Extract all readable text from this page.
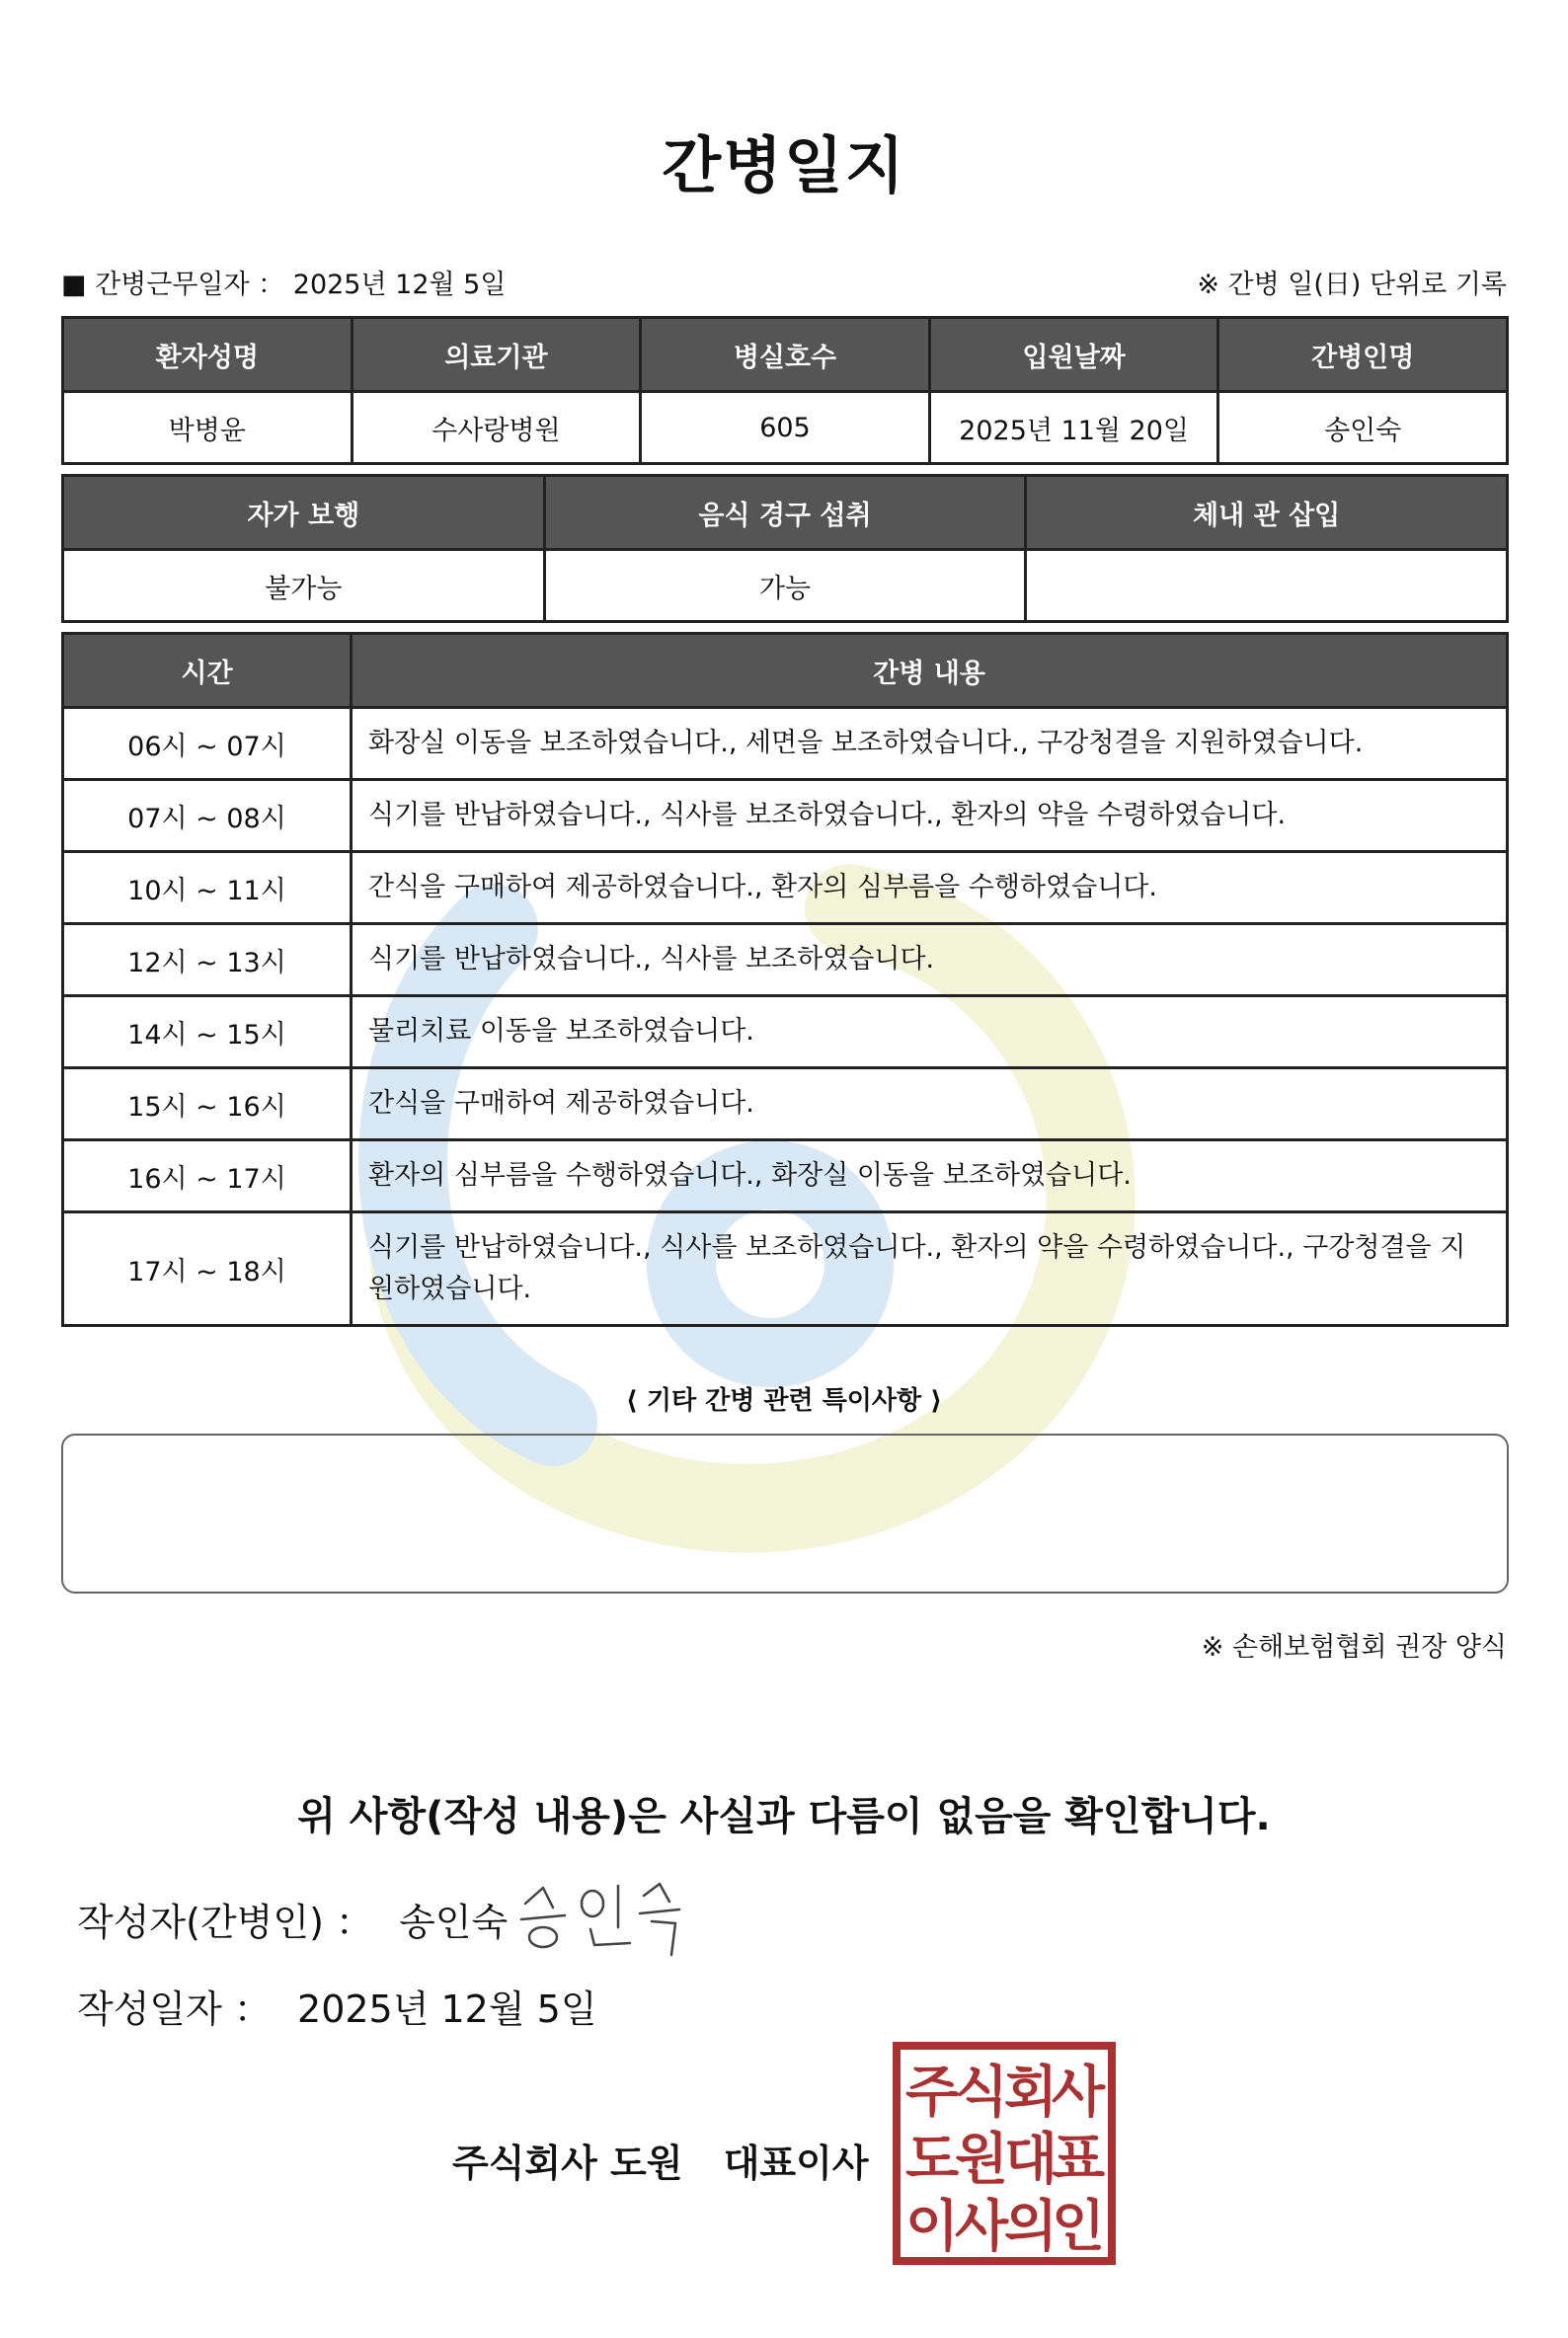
간병일지
■ 간병근무일자 ： 2025년 12월 5일	※ 간병 일(日) 단위로 기록
환자성명	의료기관	병실호수	입원날짜	간병인명
박병윤	수사랑병원	605	2025년 11월 20일	송인숙
자가 보행	음식 경구 섭취	체내 관 삽입
불가능	가능	
시간	간병 내용
06시 ~ 07시	화장실 이동을 보조하였습니다., 세면을 보조하였습니다., 구강청결을 지원하였습니다.
07시 ~ 08시	식기를 반납하였습니다., 식사를 보조하였습니다., 환자의 약을 수령하였습니다.
10시 ~ 11시	간식을 구매하여 제공하였습니다., 환자의 심부름을 수행하였습니다.
12시 ~ 13시	식기를 반납하였습니다., 식사를 보조하였습니다.
14시 ~ 15시	물리치료 이동을 보조하였습니다.
15시 ~ 16시	간식을 구매하여 제공하였습니다.
16시 ~ 17시	환자의 심부름을 수행하였습니다., 화장실 이동을 보조하였습니다.
17시 ~ 18시	식기를 반납하였습니다., 식사를 보조하였습니다., 환자의 약을 수령하였습니다., 구강청결을 지원하였습니다.
⟨ 기타 간병 관련 특이사항 ⟩
※ 손해보험협회 권장 양식
위 사항(작성 내용)은 사실과 다름이 없음을 확인합니다.
작성자(간병인) ： 송인숙
작성일자 ： 2025년 12월 5일
주식회사 도원 대표이사
주
식
회
사
도
원
대
표
이
사
의
인
